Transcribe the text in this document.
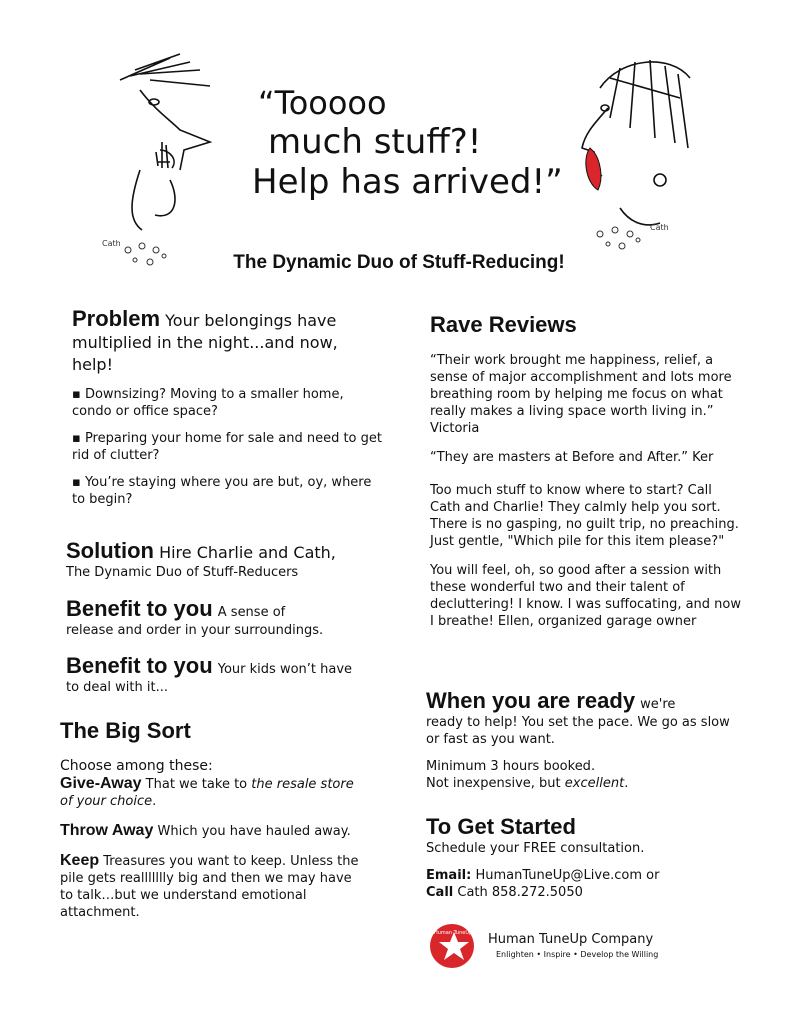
Cath
Cath
“Tooooo
much stuff?!
Help has arrived!”
The Dynamic Duo of Stuff-Reducing!

Problem Your belongings have multiplied in the night...and now, help!

▪ Downsizing? Moving to a smaller home, condo or office space?

▪ Preparing your home for sale and need to get rid of clutter?

▪ You’re staying where you are but, oy, where to begin?

Solution Hire Charlie and Cath,

The Dynamic Duo of Stuff-Reducers

Benefit to you A sense of

release and order in your surroundings.

Benefit to you Your kids won’t have

to deal with it...

The Big Sort

Choose among these:

Give-Away That we take to the resale store of your choice.

Throw Away Which you have hauled away.

Keep Treasures you want to keep. Unless the pile gets reallllllly big and then we may have to talk…but we understand emotional attachment.

Rave Reviews

“Their work brought me happiness, relief, a sense of major accomplishment and lots more breathing room by helping me focus on what really makes a living space worth living in.” Victoria

“They are masters at Before and After.” Ker

Too much stuff to know where to start? Call Cath and Charlie! They calmly help you sort. There is no gasping, no guilt trip, no preaching. Just gentle, "Which pile for this item please?"

You will feel, oh, so good after a session with these wonderful two and their talent of decluttering! I know. I was suffocating, and now I breathe! Ellen, organized garage owner

When you are ready we're

ready to help! You set the pace. We go as slow or fast as you want.

Minimum 3 hours booked.

Not inexpensive, but excellent.

To Get Started

Schedule your FREE consultation.

Email: HumanTuneUp@Live.com or

Call Cath 858.272.5050

Human TuneUp Human TuneUp Company
Enlighten • Inspire • Develop the Willing
